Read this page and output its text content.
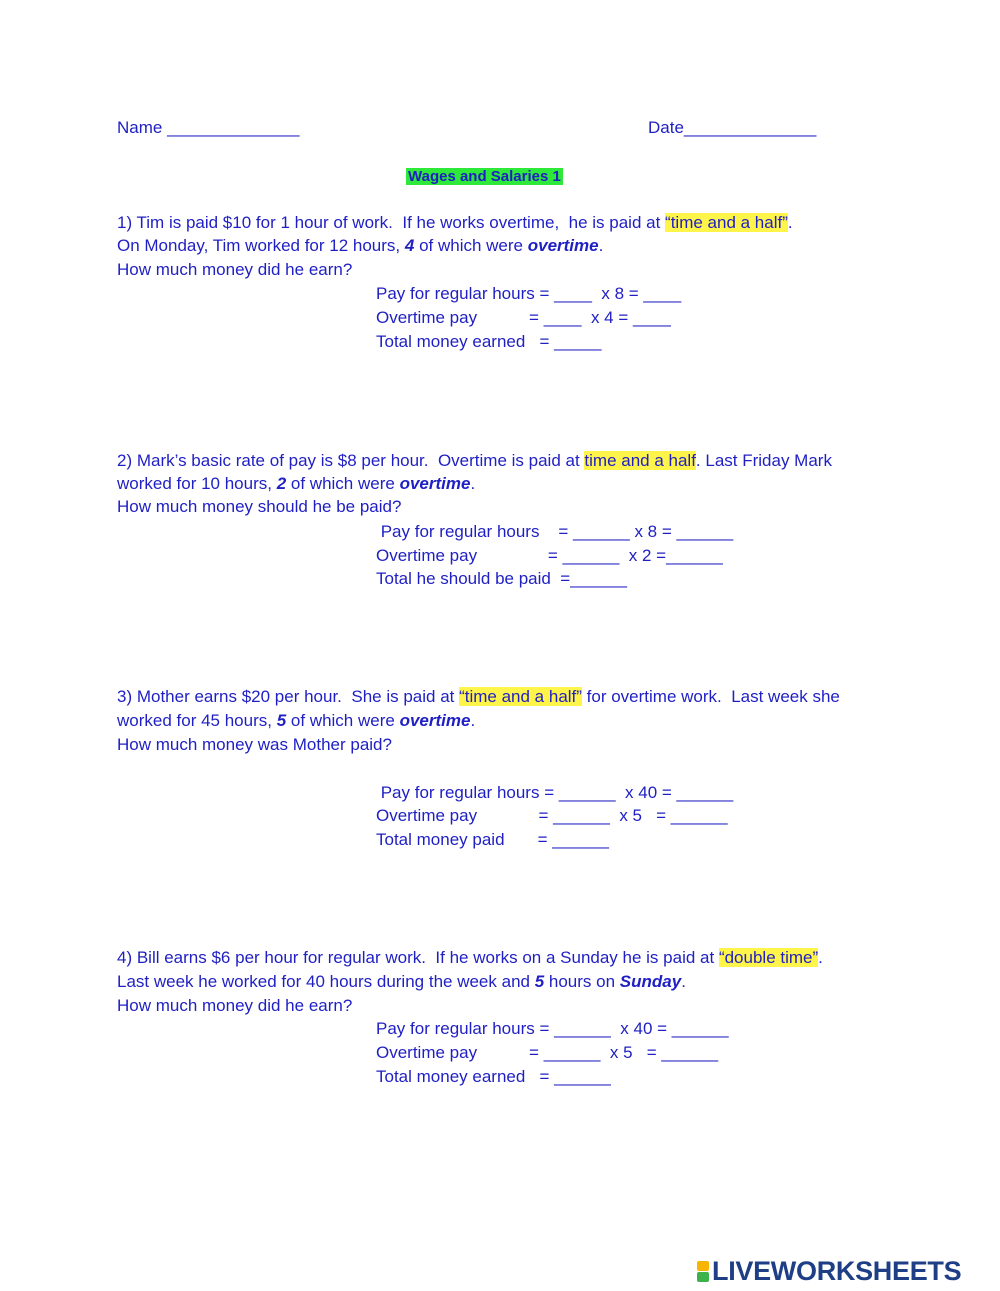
Name ______________	Date______________
Wages and Salaries 1
1) Tim is paid $10 for 1 hour of work.  If he works overtime,  he is paid at “time and a half”.
On Monday, Tim worked for 12 hours, 4 of which were overtime.
How much money did he earn?
Pay for regular hours = ____  x 8 = ____
Overtime pay           = ____  x 4 = ____
Total money earned   = _____
2) Mark’s basic rate of pay is $8 per hour.  Overtime is paid at time and a half. Last Friday Mark
worked for 10 hours, 2 of which were overtime.
How much money should he be paid?
Pay for regular hours    = ______ x 8 = ______
Overtime pay               = ______  x 2 =______
Total he should be paid  =______
3) Mother earns $20 per hour.  She is paid at “time and a half” for overtime work.  Last week she
worked for 45 hours, 5 of which were overtime.
How much money was Mother paid?
Pay for regular hours = ______  x 40 = ______
Overtime pay             = ______  x 5   = ______
Total money paid       = ______
4) Bill earns $6 per hour for regular work.  If he works on a Sunday he is paid at “double time”.
Last week he worked for 40 hours during the week and 5 hours on Sunday.
How much money did he earn?
Pay for regular hours = ______  x 40 = ______
Overtime pay           = ______  x 5   = ______
Total money earned   = ______
LIVEWORKSHEETS
